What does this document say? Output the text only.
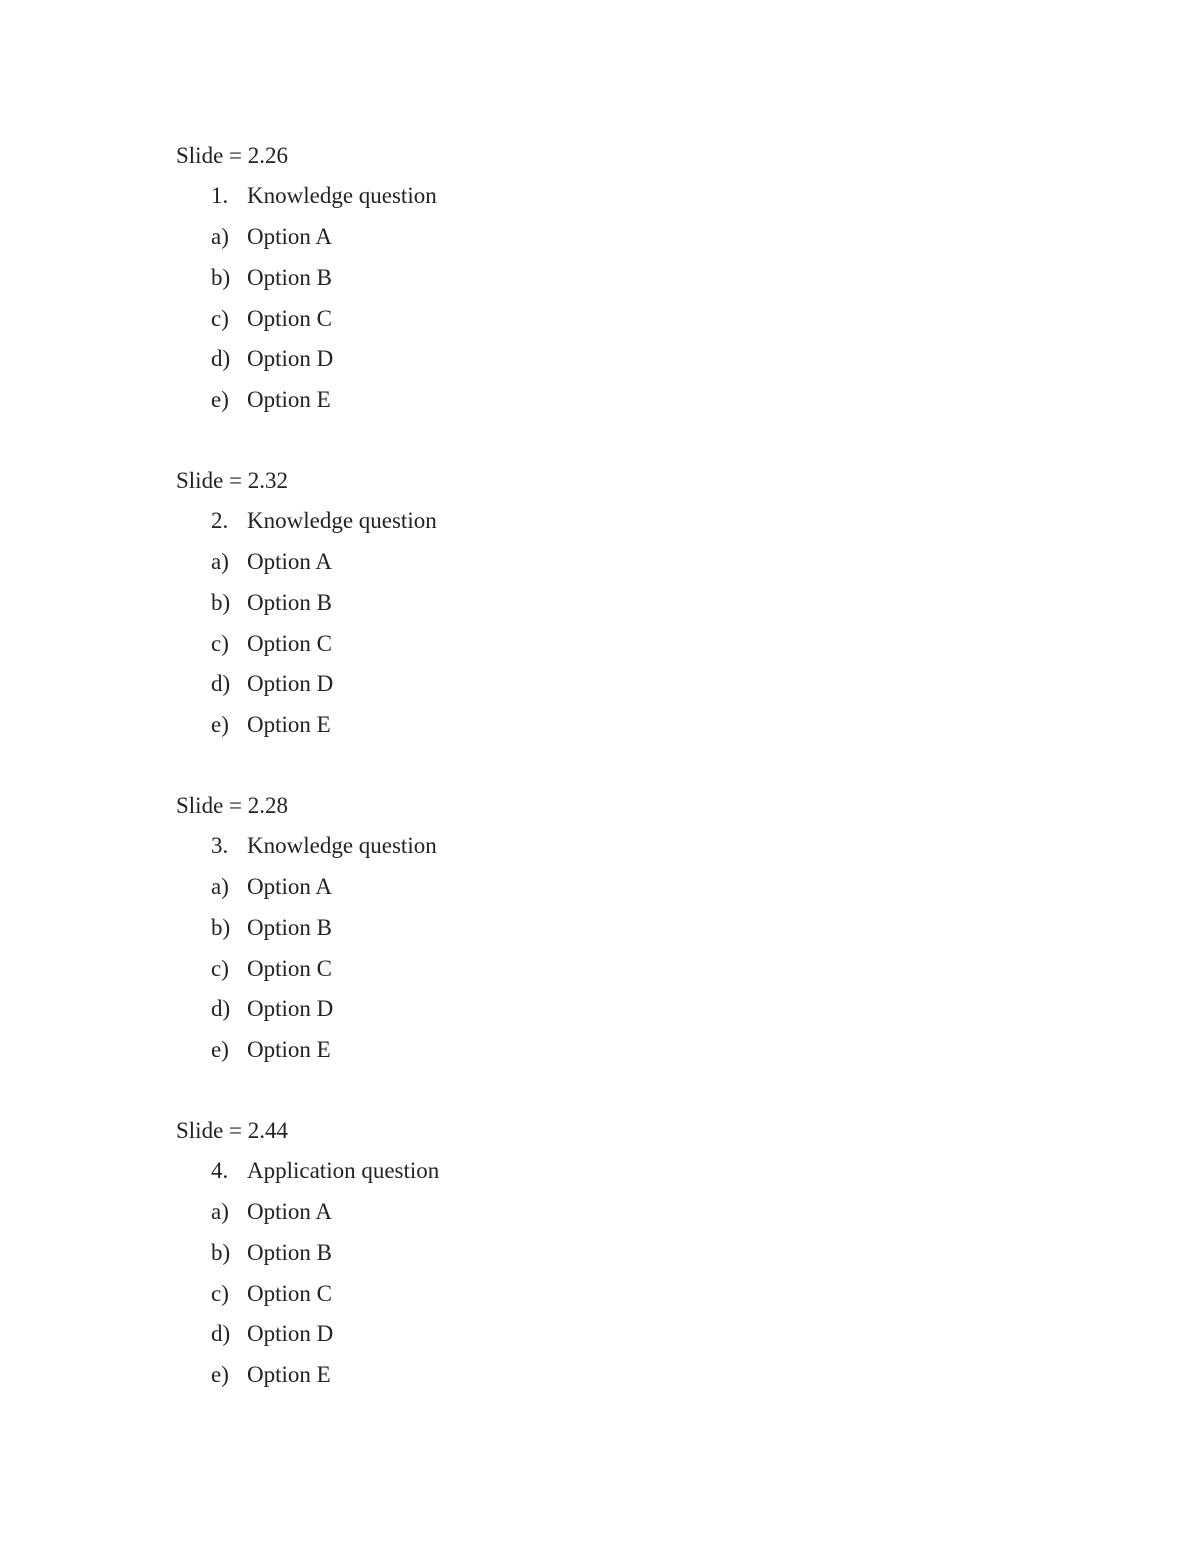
Slide = 2.26
1. Knowledge question
a) Option A
b) Option B
c) Option C
d) Option D
e) Option E
Slide = 2.32
2. Knowledge question
a) Option A
b) Option B
c) Option C
d) Option D
e) Option E
Slide = 2.28
3. Knowledge question
a) Option A
b) Option B
c) Option C
d) Option D
e) Option E
Slide = 2.44
4. Application question
a) Option A
b) Option B
c) Option C
d) Option D
e) Option E
